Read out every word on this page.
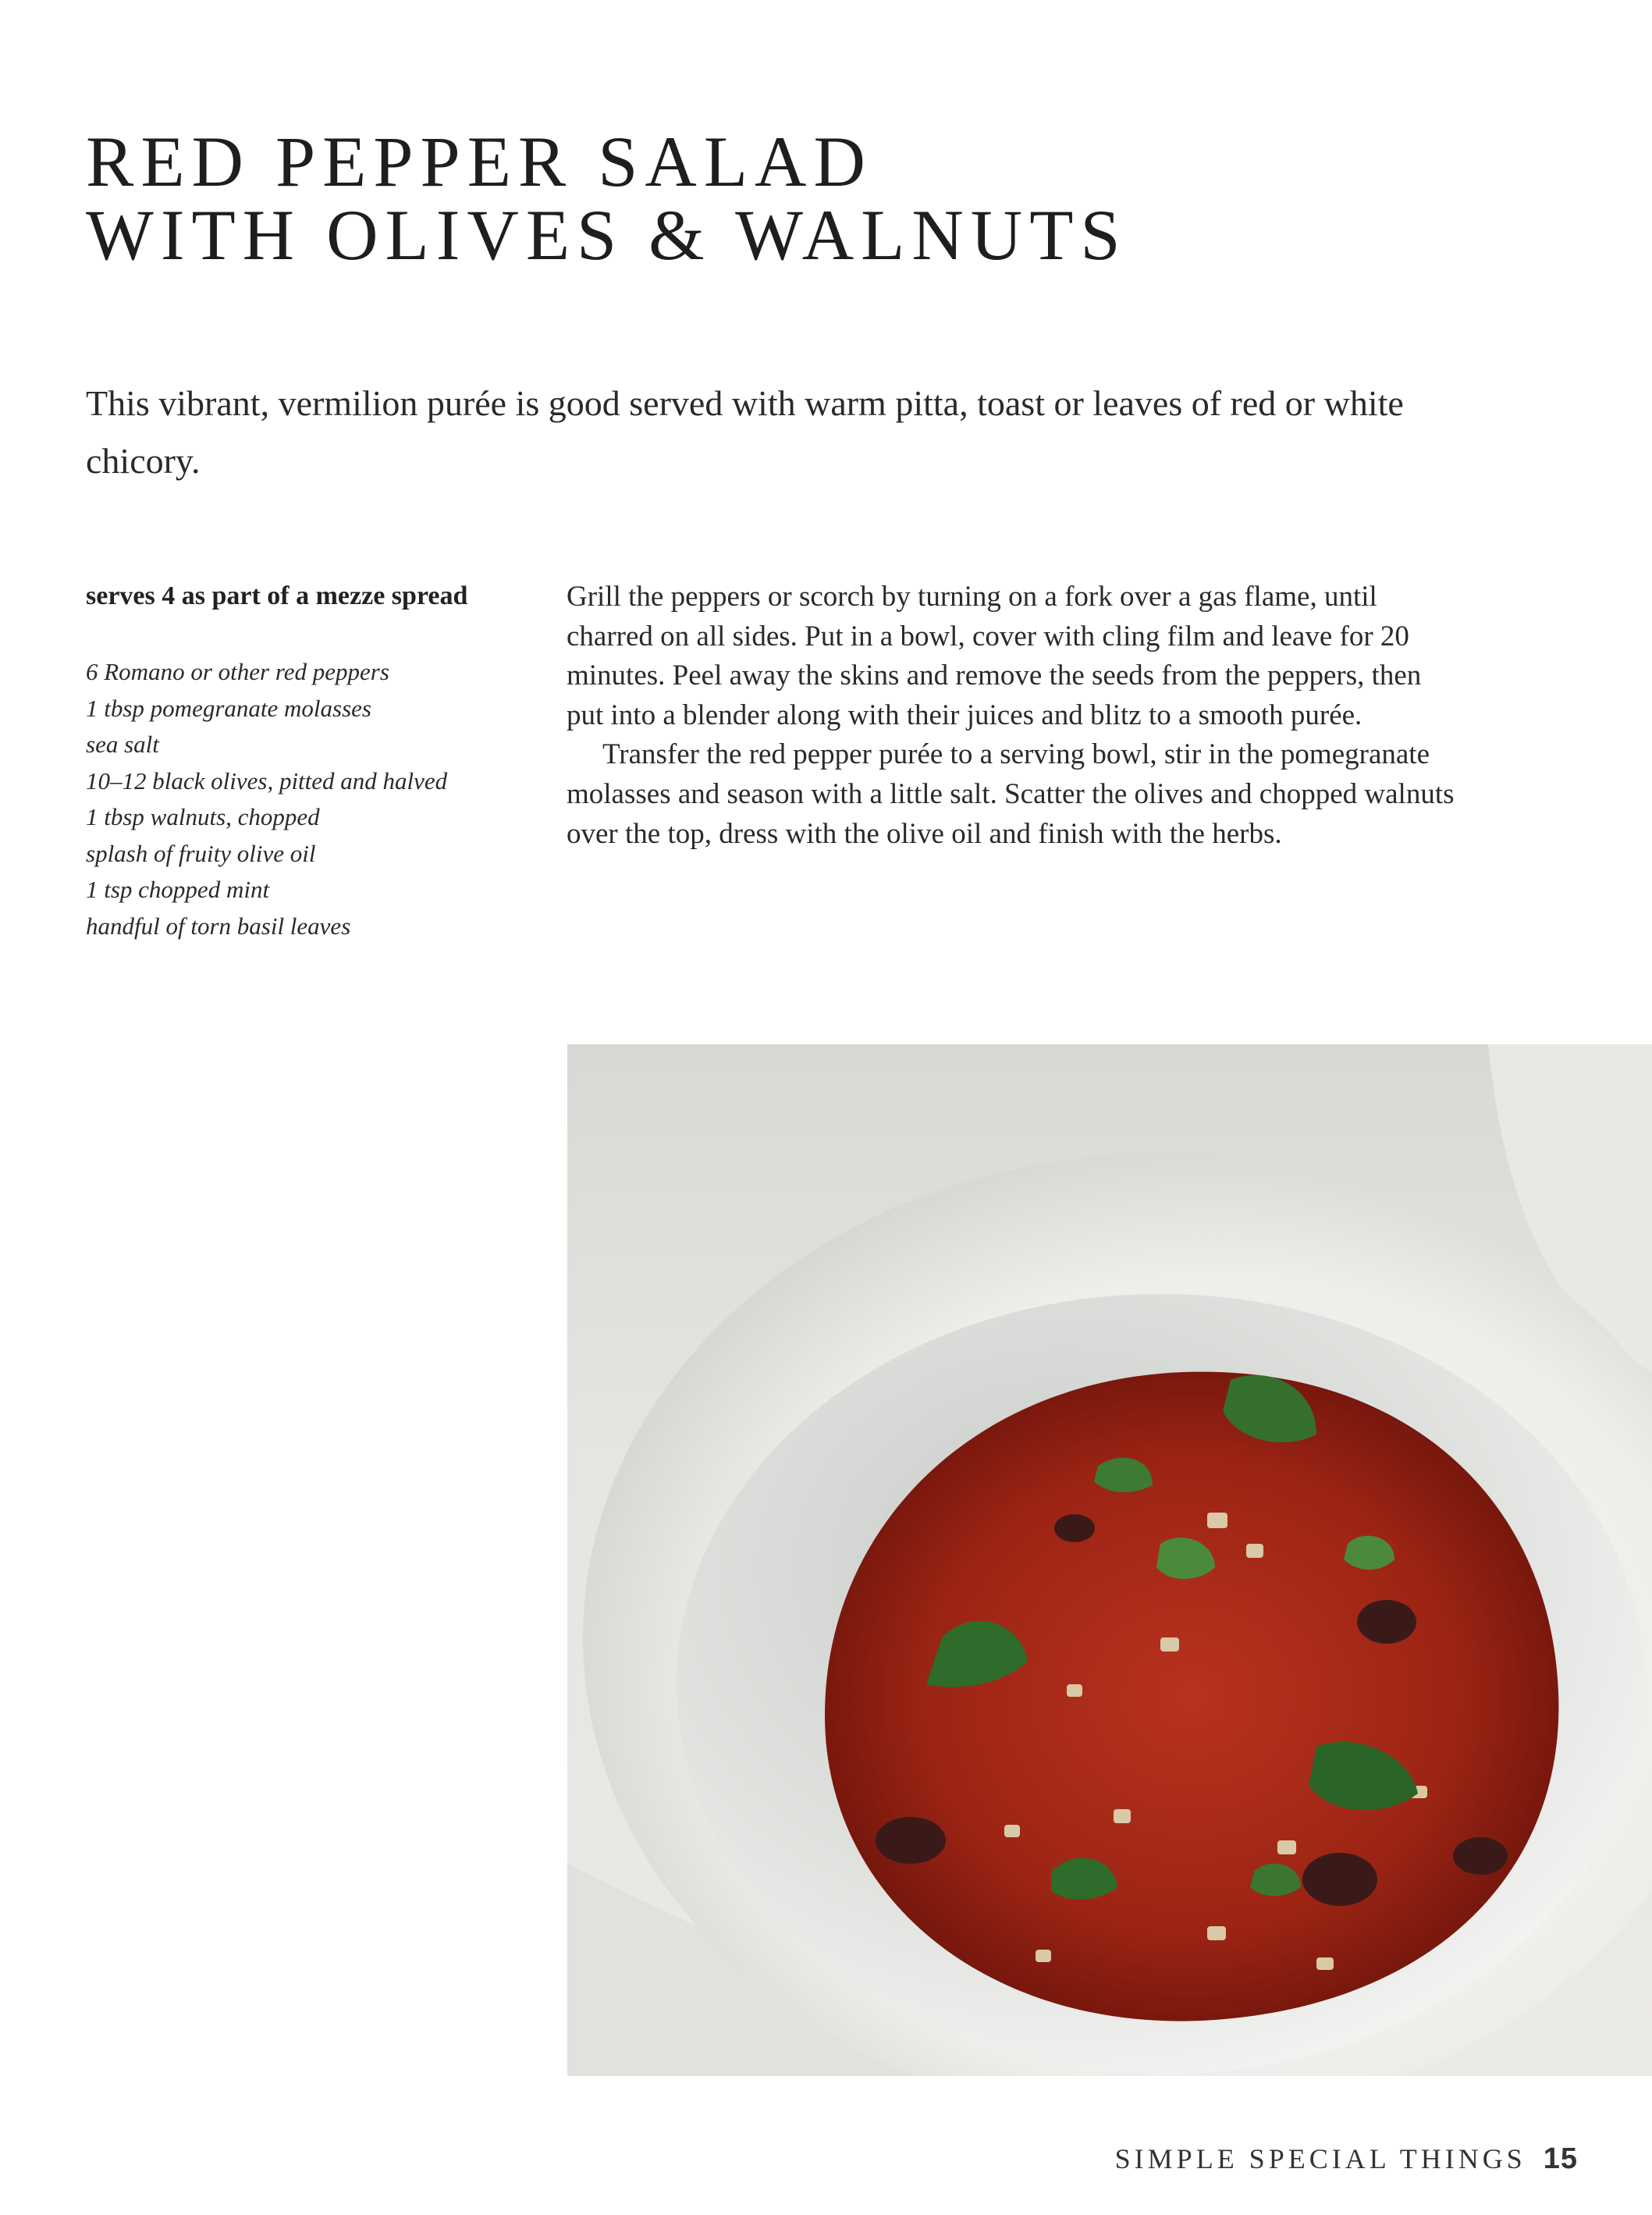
RED PEPPER SALAD
WITH OLIVES & WALNUTS
This vibrant, vermilion purée is good served with warm pitta, toast or leaves of red or white chicory.
serves 4 as part of a mezze spread
6 Romano or other red peppers
1 tbsp pomegranate molasses
sea salt
10–12 black olives, pitted and halved
1 tbsp walnuts, chopped
splash of fruity olive oil
1 tsp chopped mint
handful of torn basil leaves

Grill the peppers or scorch by turning on a fork over a gas flame, until charred on all sides. Put in a bowl, cover with cling film and leave for 20 minutes. Peel away the skins and remove the seeds from the peppers, then put into a blender along with their juices and blitz to a smooth purée.

Transfer the red pepper purée to a serving bowl, stir in the pomegranate molasses and season with a little salt. Scatter the olives and chopped walnuts over the top, dress with the olive oil and finish with the herbs.

SIMPLE SPECIAL THINGS 15
